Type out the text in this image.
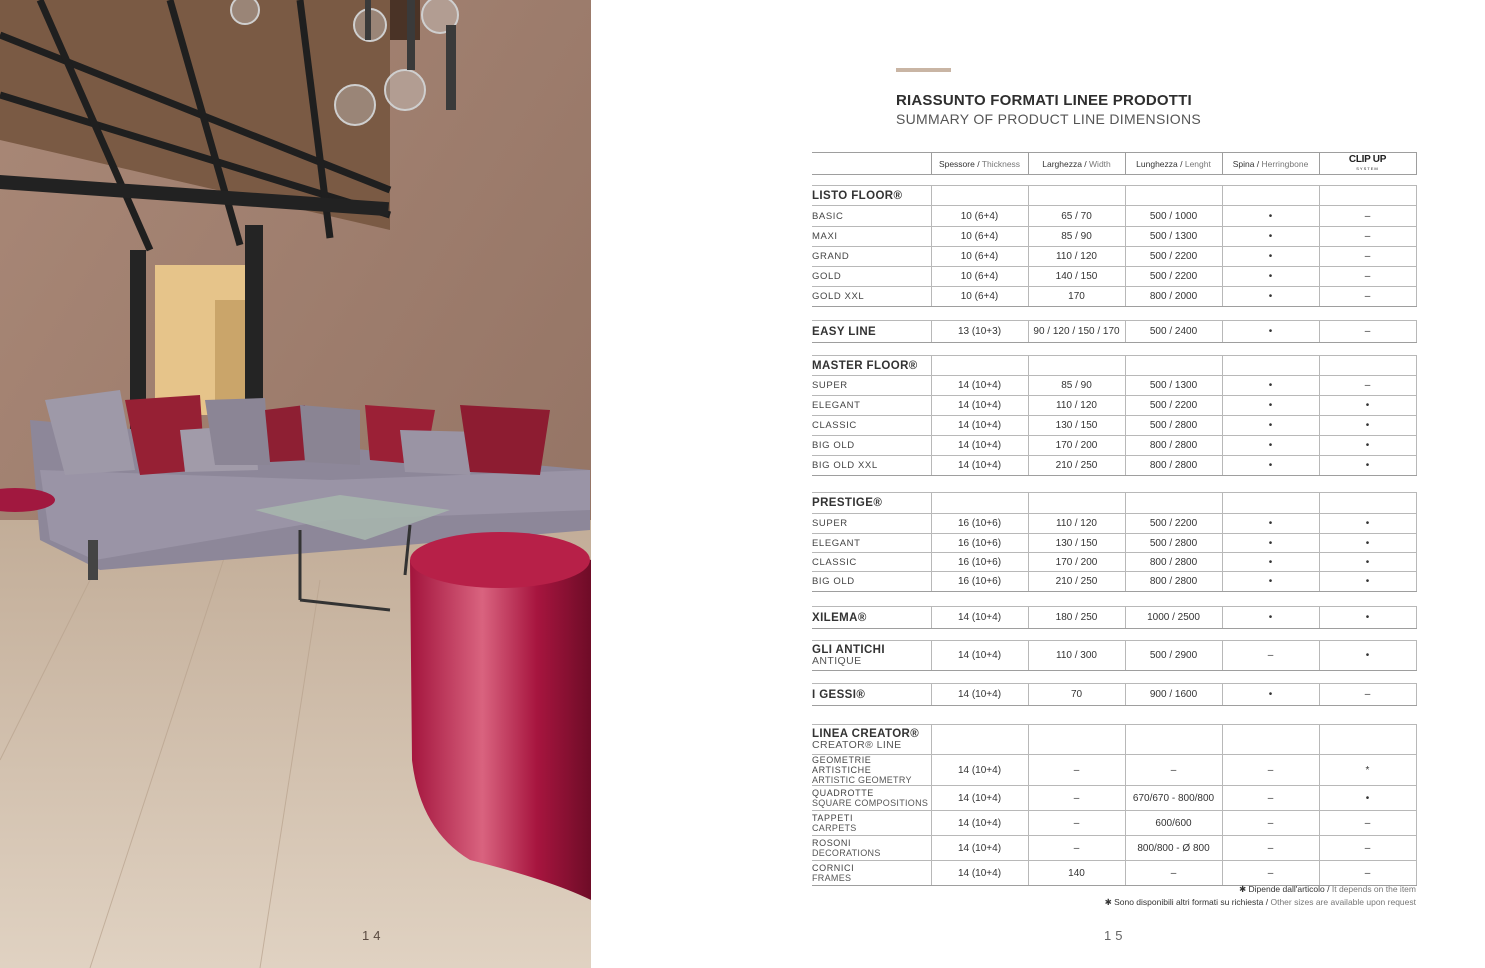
14
RIASSUNTO FORMATI LINEE PRODOTTI
SUMMARY OF PRODUCT LINE DIMENSIONS
	Spessore / Thickness	Larghezza / Width	Lunghezza / Lenght	Spina / Herringbone	CLIP UP
SYSTEM
LISTO FLOOR®					
BASIC	10 (6+4)	65 / 70	500 / 1000	•	–
MAXI	10 (6+4)	85 / 90	500 / 1300	•	–
GRAND	10 (6+4)	110 / 120	500 / 2200	•	–
GOLD	10 (6+4)	140 / 150	500 / 2200	•	–
GOLD XXL	10 (6+4)	170	800 / 2000	•	–
EASY LINE	13 (10+3)	90 / 120 / 150 / 170	500 / 2400	•	–
MASTER FLOOR®					
SUPER	14 (10+4)	85 / 90	500 / 1300	•	–
ELEGANT	14 (10+4)	110 / 120	500 / 2200	•	•
CLASSIC	14 (10+4)	130 / 150	500 / 2800	•	•
BIG OLD	14 (10+4)	170 / 200	800 / 2800	•	•
BIG OLD XXL	14 (10+4)	210 / 250	800 / 2800	•	•
PRESTIGE®					
SUPER	16 (10+6)	110 / 120	500 / 2200	•	•
ELEGANT	16 (10+6)	130 / 150	500 / 2800	•	•
CLASSIC	16 (10+6)	170 / 200	800 / 2800	•	•
BIG OLD	16 (10+6)	210 / 250	800 / 2800	•	•
XILEMA®	14 (10+4)	180 / 250	1000 / 2500	•	•
GLI ANTICHI
ANTIQUE	14 (10+4)	110 / 300	500 / 2900	–	•
I GESSI®	14 (10+4)	70	900 / 1600	•	–
LINEA CREATOR®
CREATOR® LINE					

GEOMETRIE ARTISTICHE
ARTISTIC GEOMETRY	14 (10+4)	–	–	–	*

QUADROTTE
SQUARE COMPOSITIONS	14 (10+4)	–	670/670 - 800/800	–	•

TAPPETI
CARPETS	14 (10+4)	–	600/600	–	–

ROSONI
DECORATIONS	14 (10+4)	–	800/800 - Ø 800	–	–

CORNICI
FRAMES	14 (10+4)	140	–	–	–
✱ Dipende dall'articolo / It depends on the item
✱ Sono disponibili altri formati su richiesta / Other sizes are available upon request
15
